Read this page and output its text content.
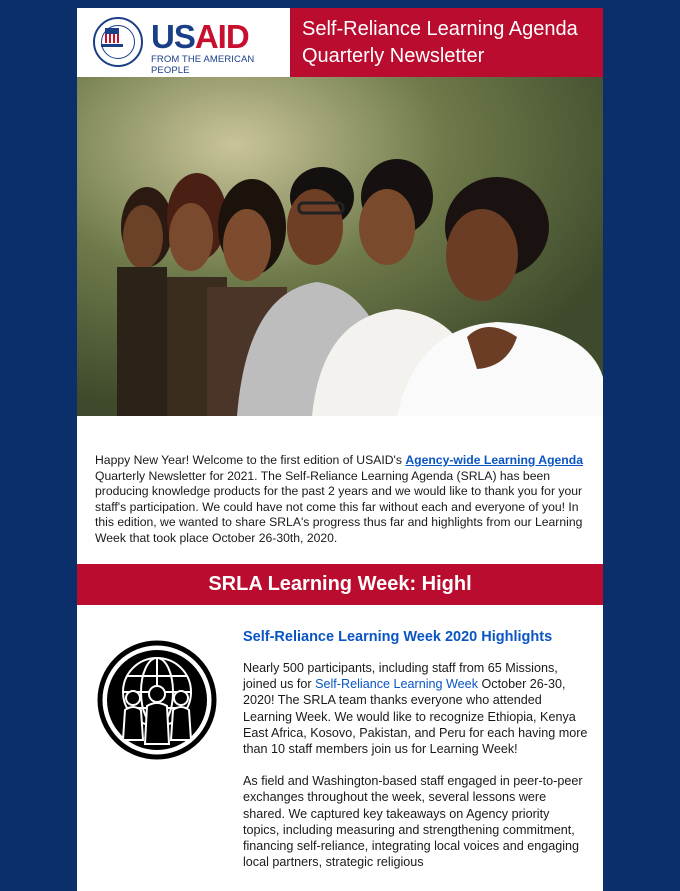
USAID
FROM THE AMERICAN PEOPLE
Self-Reliance Learning Agenda
Quarterly Newsletter
Happy New Year! Welcome to the first edition of USAID's Agency-wide Learning Agenda Quarterly Newsletter for 2021. The Self-Reliance Learning Agenda (SRLA) has been producing knowledge products for the past 2 years and we would like to thank you for your staff's participation. We could have not come this far without each and everyone of you! In this edition, we wanted to share SRLA's progress thus far and highlights from our Learning Week that took place October 26-30th, 2020.
SRLA Learning Week: Highl
Self-Reliance Learning Week 2020 Highlights

Nearly 500 participants, including staff from 65 Missions, joined us for Self-Reliance Learning Week October 26-30, 2020! The SRLA team thanks everyone who attended Learning Week. We would like to recognize Ethiopia, Kenya East Africa, Kosovo, Pakistan, and Peru for each having more than 10 staff members join us for Learning Week!

As field and Washington-based staff engaged in peer-to-peer exchanges throughout the week, several lessons were shared. We captured key takeaways on Agency priority topics, including measuring and strengthening commitment, financing self-reliance, integrating local voices and engaging local partners, strategic religious
